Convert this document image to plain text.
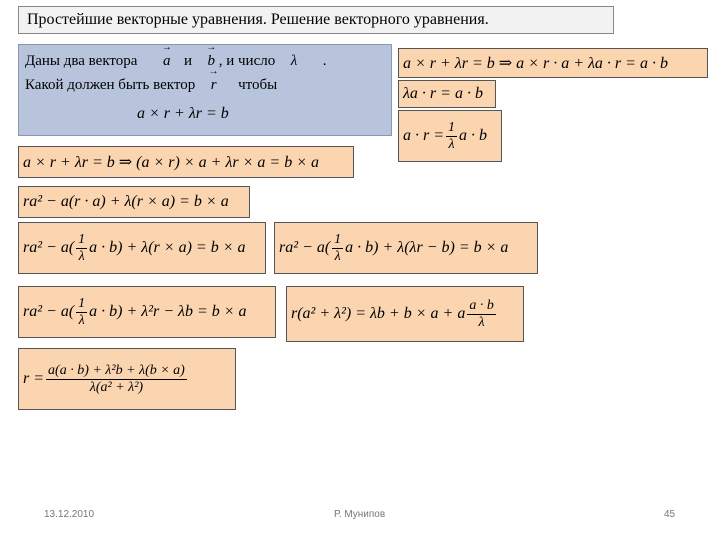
Простейшие векторные уравнения. Решение векторного уравнения.
Даны два вектора → a и → b , и число λ .
Какой должен быть вектор → r чтобы
a × r + λr = b
a × r + λr = b ⇒ a × r · a + λa · r = a · b
λa · r = a · b
$a \cdot r = \frac{1}{\lambda}$ a · b
a × r + λr = b ⇒ (a × r) × a + λr × a = b × a
ra² − a(r · a) + λ(r × a) = b × a
$ra^2 - a( \frac{1}{\lambda}$ a · b) + λ(r × a) = b × a $ra^2 - a( \frac{1}{\lambda}$ a · b) + λ(λr − b) = b × a
$ra^2 - a( \frac{1}{\lambda}$ a · b) + λ²r − λb = b × a	r(a² + λ²) = λb + b × a + a $\frac{a \cdot b}{\lambda}$
$r = \frac{\text{a(a · b) + λ²b + λ(b × a)}}{\text{λ(a² + λ²)}}$
13.12.2010	Р. Мунипов	45
